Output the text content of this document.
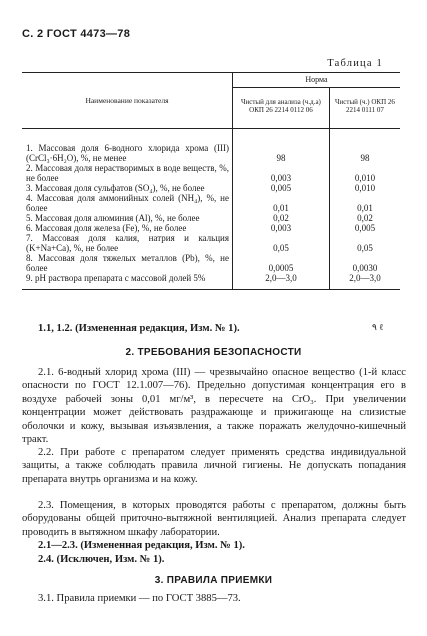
С. 2 ГОСТ 4473—78
Таблица 1
Наименование показателя	Норма	
	Чистый для анализа (ч.д.а) ОКП 26 2214 0112 06	Чистый (ч.) ОКП 26 2214 0111 07
1. Массовая доля 6-водного хлорида хрома (III) (CrCl₃·6H₂O), %, не менее	98	98
2. Массовая доля нерастворимых в воде веществ, %, не более	0,003	0,010
3. Массовая доля сульфатов (SO₄), %, не более	0,005	0,010
4. Массовая доля аммонийных солей (NH₄), %, не более	0,01	0,01
5. Массовая доля алюминия (Al), %, не более	0,02	0,02
6. Массовая доля железа (Fe), %, не более	0,003	0,005
7. Массовая доля калия, натрия и кальция (K+Na+Ca), %, не более	0,05	0,05
8. Массовая доля тяжелых металлов (Pb), %, не более	0,0005	0,0030
9. pH раствора препарата с массовой долей 5%	2,0—3,0	2,0—3,0
1.1, 1.2. (Измененная редакция, Изм. № 1).	٩ ℓ
2. ТРЕБОВАНИЯ БЕЗОПАСНОСТИ
2.1. 6-водный хлорид хрома (III) — чрезвычайно опасное вещество (1-й класс опасности по ГОСТ 12.1.007—76). Предельно допустимая концентрация его в воздухе рабочей зоны 0,01 мг/м³, в пересчете на CrO₃. При увеличении концентрации может действовать раздражающе и прижигающе на слизистые оболочки и кожу, вызывая изъязвления, а также поражать желудочно-кишечный тракт.
2.2. При работе с препаратом следует применять средства индивидуальной защиты, а также соблюдать правила личной гигиены. Не допускать попадания препарата внутрь организма и на кожу.
2.3. Помещения, в которых проводятся работы с препаратом, должны быть оборудованы общей приточно-вытяжной вентиляцией. Анализ препарата следует проводить в вытяжном шкафу лаборатории.
2.1—2.3. (Измененная редакция, Изм. № 1).
2.4. (Исключен, Изм. № 1).
3. ПРАВИЛА ПРИЕМКИ
3.1. Правила приемки — по ГОСТ 3885—73.
